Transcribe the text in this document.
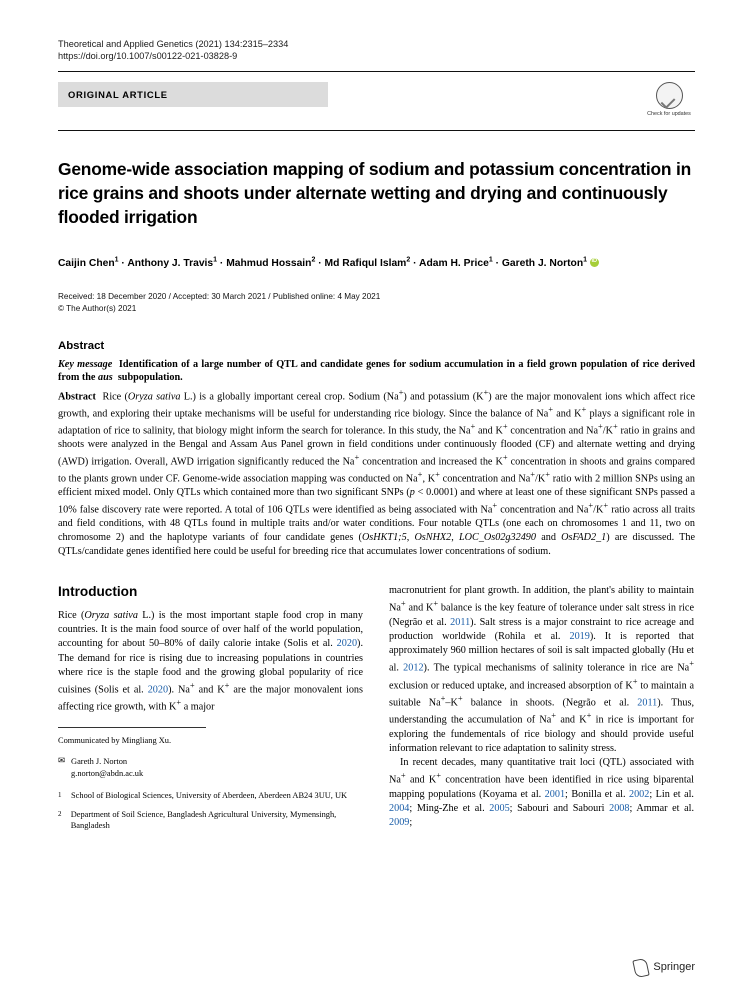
Theoretical and Applied Genetics (2021) 134:2315–2334
https://doi.org/10.1007/s00122-021-03828-9
ORIGINAL ARTICLE
Check for updates
Genome-wide association mapping of sodium and potassium concentration in rice grains and shoots under alternate wetting and drying and continuously flooded irrigation
Caijin Chen$^1$ · Anthony J. Travis$^1$ · Mahmud Hossain$^2$ · Md Rafiqul Islam$^2$ · Adam H. Price$^1$ · Gareth J. Norton$^1$iD
Received: 18 December 2020 / Accepted: 30 March 2021 / Published online: 4 May 2021
© The Author(s) 2021
Abstract

Key message  Identification of a large number of QTL and candidate genes for sodium accumulation in a field grown population of rice derived from the aus  subpopulation.

Abstract  Rice (Oryza sativa L.) is a globally important cereal crop. Sodium (Na+) and potassium (K+) are the major monovalent ions which affect rice growth, and exploring their uptake mechanisms will be useful for understanding rice biology. Since the balance of Na+ and K+ plays a significant role in adaptation of rice to salinity, that biology might inform the search for tolerance. In this study, the Na+ and K+ concentration and Na+/K+ ratio in grains and shoots were analyzed in the Bengal and Assam Aus Panel grown in field conditions under continuously flooded (CF) and alternate wetting and drying (AWD) irrigation. Overall, AWD irrigation significantly reduced the Na+ concentration and increased the K+ concentration in shoots and grains compared to the plants grown under CF. Genome-wide association mapping was conducted on Na+, K+ concentration and Na+/K+ ratio with 2 million SNPs using an efficient mixed model. Only QTLs which contained more than two significant SNPs (p < 0.0001) and where at least one of these significant SNPs passed a 10% false discovery rate were reported. A total of 106 QTLs were identified as being associated with Na+ concentration and Na+/K+ ratio across all traits and field conditions, with 48 QTLs found in multiple traits and/or water conditions. Four notable QTLs (one each on chromosomes 1 and 11, two on chromosome 2) and the haplotype variants of four candidate genes (OsHKT1;5, OsNHX2, LOC_Os02g32490 and OsFAD2_1) are discussed. The QTLs/candidate genes identified here could be useful for breeding rice that accumulates lower concentrations of sodium.

Introduction

Rice (Oryza sativa L.) is the most important staple food crop in many countries. It is the main food source of over half of the world population, accounting for about 50–80% of daily calorie intake (Solis et al. 2020). The demand for rice is rising due to increasing populations in countries where rice is the staple food and the growing global popularity of rice cuisines (Solis et al. 2020). Na+ and K+ are the major monovalent ions affecting rice growth, with K+ a major

Communicated by Mingliang Xu.
✉ Gareth J. Norton
g.norton@abdn.ac.uk
1 School of Biological Sciences, University of Aberdeen, Aberdeen AB24 3UU, UK
2 Department of Soil Science, Bangladesh Agricultural University, Mymensingh, Bangladesh

macronutrient for plant growth. In addition, the plant's ability to maintain Na+ and K+ balance is the key feature of tolerance under salt stress in rice (Negrão et al. 2011). Salt stress is a major constraint to rice acreage and production worldwide (Rohila et al. 2019). It is reported that approximately 960 million hectares of soil is salt impacted globally (Hu et al. 2012). The typical mechanisms of salinity tolerance in rice are Na+ exclusion or reduced uptake, and increased absorption of K+ to maintain a suitable Na+–K+ balance in shoots. (Negrão et al. 2011). Thus, understanding the accumulation of Na+ and K+ in rice is important for exploring the fundementals of rice biology and should provide useful information relevant to rice adaptation to salinity stress.

In recent decades, many quantitative trait loci (QTL) associated with Na+ and K+ concentration have been identified in rice using biparental mapping populations (Koyama et al. 2001; Bonilla et al. 2002; Lin et al. 2004; Ming-Zhe et al. 2005; Sabouri and Sabouri 2008; Ammar et al. 2009;

Springer
